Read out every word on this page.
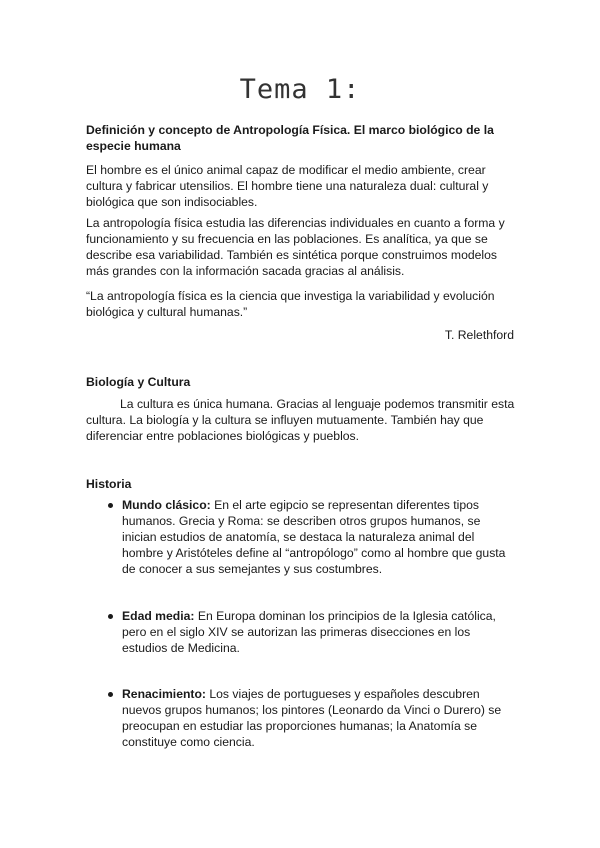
Tema 1:

Definición y concepto de Antropología Física. El marco biológico de la especie humana

El hombre es el único animal capaz de modificar el medio ambiente, crear cultura y fabricar utensilios. El hombre tiene una naturaleza dual: cultural y biológica que son indisociables.

La antropología física estudia las diferencias individuales en cuanto a forma y funcionamiento y su frecuencia en las poblaciones. Es analítica, ya que se describe esa variabilidad. También es sintética porque construimos modelos más grandes con la información sacada gracias al análisis.

“La antropología física es la ciencia que investiga la variabilidad y evolución biológica y cultural humanas.”

T. Relethford

Biología y Cultura

La cultura es única humana. Gracias al lenguaje podemos transmitir esta cultura. La biología y la cultura se influyen mutuamente. También hay que diferenciar entre poblaciones biológicas y pueblos.

Historia

Mundo clásico: En el arte egipcio se representan diferentes tipos humanos. Grecia y Roma: se describen otros grupos humanos, se inician estudios de anatomía, se destaca la naturaleza animal del hombre y Aristóteles define al “antropólogo” como al hombre que gusta de conocer a sus semejantes y sus costumbres.

Edad media: En Europa dominan los principios de la Iglesia católica, pero en el siglo XIV se autorizan las primeras disecciones en los estudios de Medicina.

Renacimiento: Los viajes de portugueses y españoles descubren nuevos grupos humanos; los pintores (Leonardo da Vinci o Durero) se preocupan en estudiar las proporciones humanas; la Anatomía se constituye como ciencia.
